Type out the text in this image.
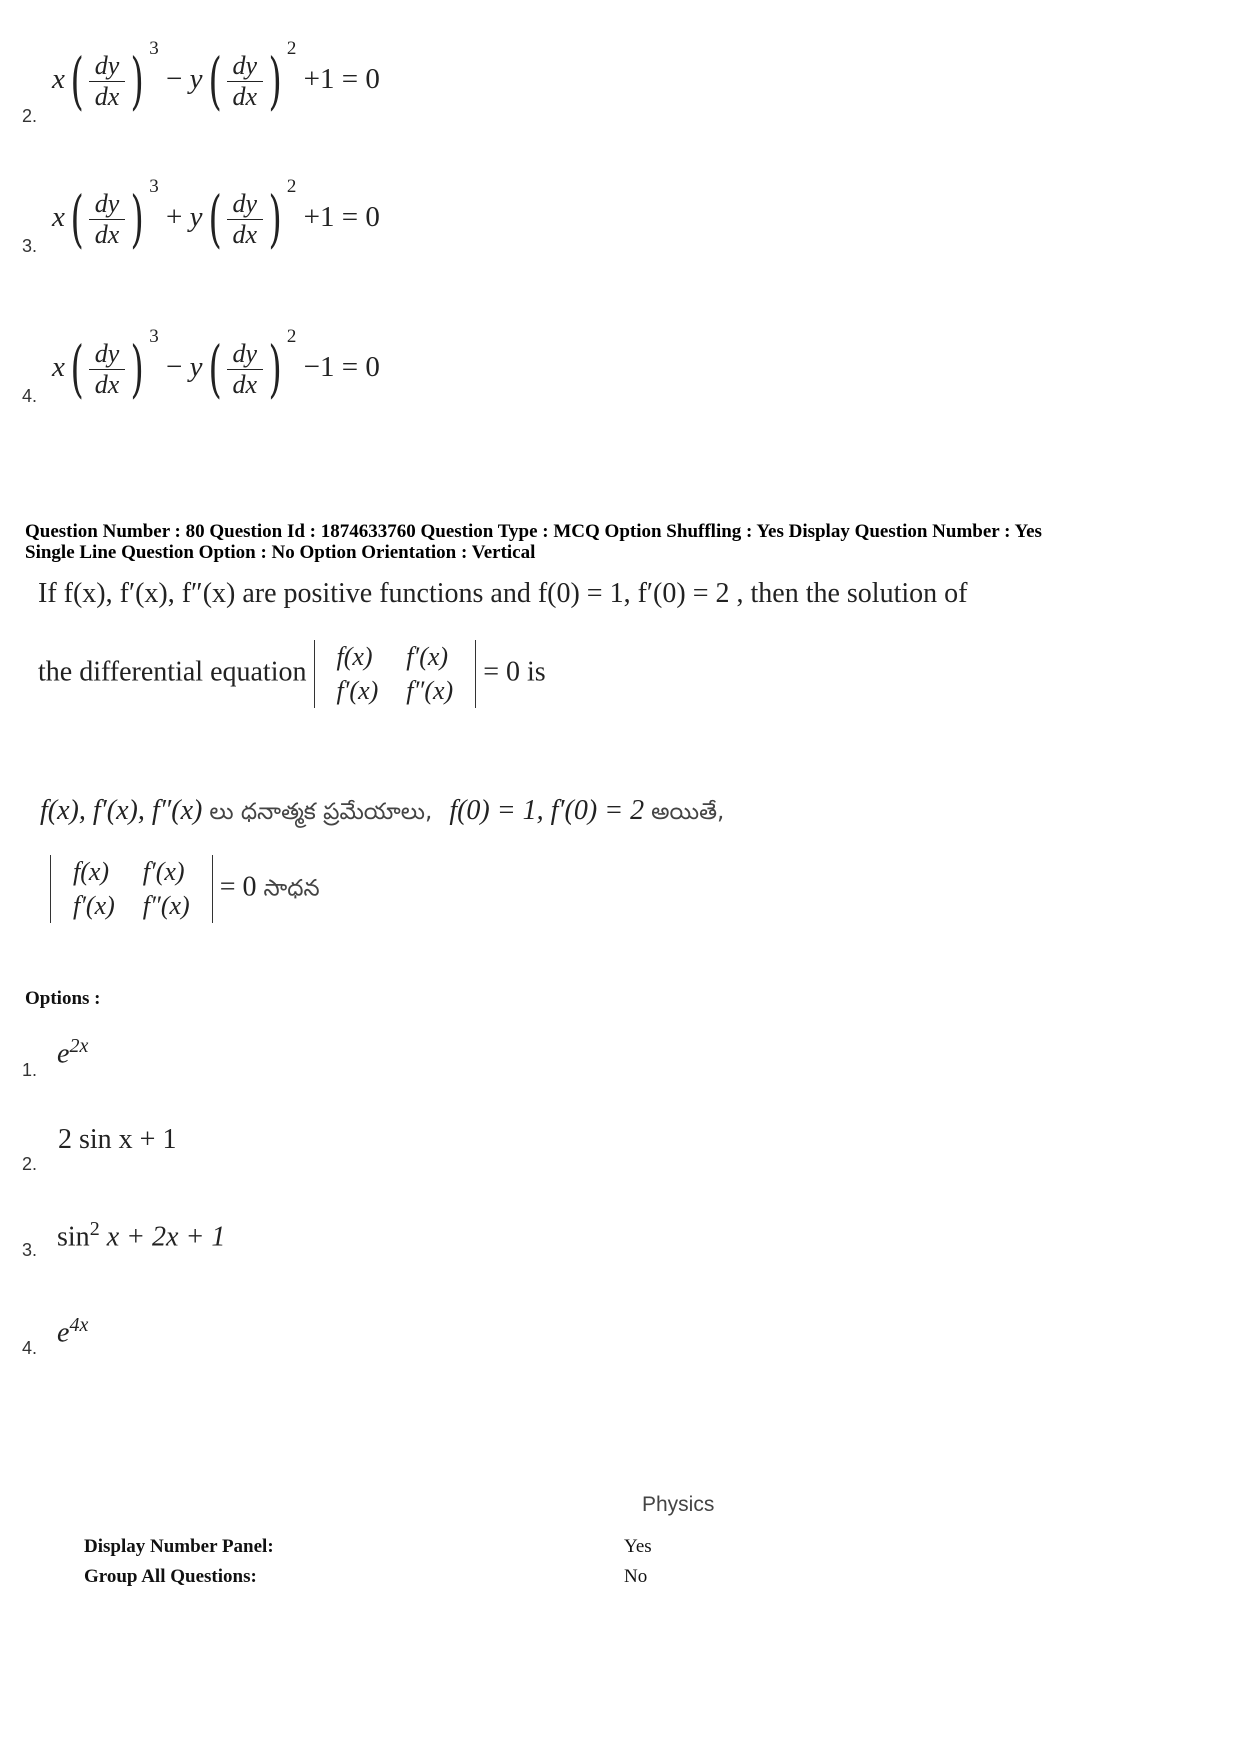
$x( \frac{dy}{dx}$ ) $^3 - y( \frac{dy}{dx}$ ) $^2$ +1 = 0
2.
$x( \frac{dy}{dx}$ ) $^3 + y( \frac{dy}{dx}$ ) $^2$ +1 = 0
3.
$x( \frac{dy}{dx}$ ) $^3 - y( \frac{dy}{dx}$ ) $^2$ −1 = 0
4.
Question Number : 80 Question Id : 1874633760 Question Type : MCQ Option Shuffling : Yes Display Question Number : Yes
Single Line Question Option : No Option Orientation : Vertical
If f(x), f′(x), f″(x) are positive functions and f(0) = 1, f′(0) = 2 , then the solution of
the differential equation f(x)	f′(x)
f′(x)	f″(x)
= 0 is
f(x), f′(x), f″(x) లు ధనాత్మక ప్రమేయాలు, f(0) = 1, f′(0) = 2 అయితే,
f(x)	f′(x)
f′(x)	f″(x)
= 0 సాధన
Options :
$e^{2x}$
1.
2 sin x + 1
2.
$\sin^2 x + 2x + 1$
3.
$e^{4x}$
4.
Physics
Display Number Panel:	Yes
Group All Questions:	No
